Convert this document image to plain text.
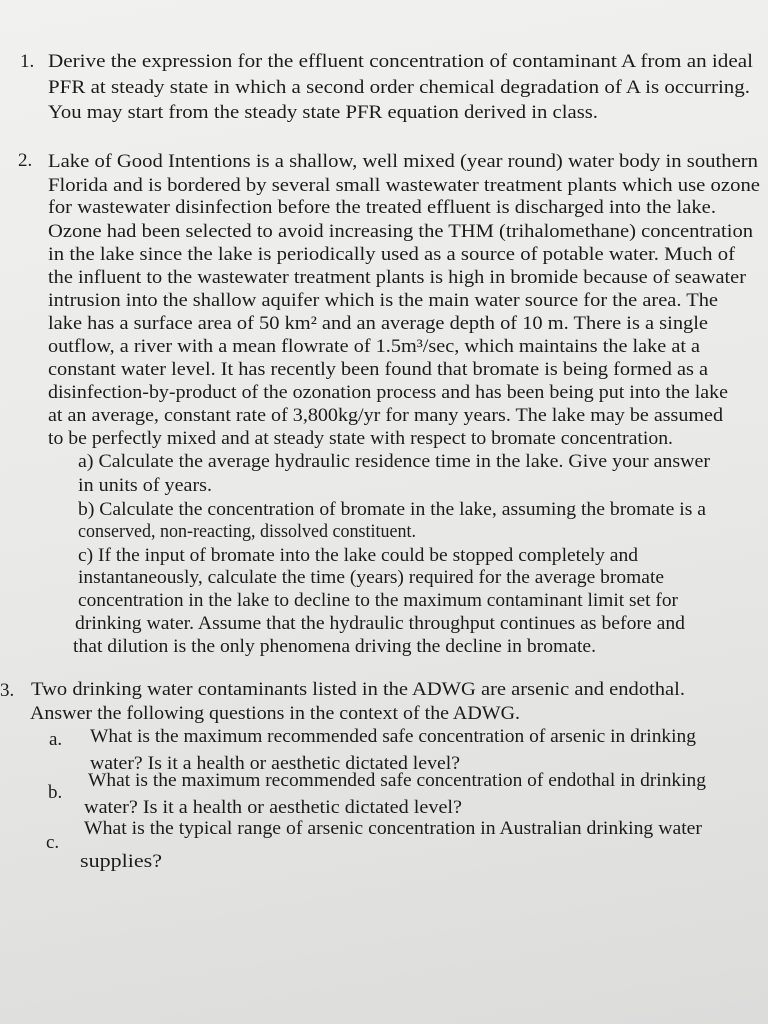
1. Derive the expression for the effluent concentration of contaminant A from an ideal
PFR at steady state in which a second order chemical degradation of A is occurring.
You may start from the steady state PFR equation derived in class.
2. Lake of Good Intentions is a shallow, well mixed (year round) water body in southern
Florida and is bordered by several small wastewater treatment plants which use ozone
for wastewater disinfection before the treated effluent is discharged into the lake.
Ozone had been selected to avoid increasing the THM (trihalomethane) concentration
in the lake since the lake is periodically used as a source of potable water. Much of
the influent to the wastewater treatment plants is high in bromide because of seawater
intrusion into the shallow aquifer which is the main water source for the area. The
lake has a surface area of 50 km² and an average depth of 10 m. There is a single
outflow, a river with a mean flowrate of 1.5m³/sec, which maintains the lake at a
constant water level. It has recently been found that bromate is being formed as a
disinfection-by-product of the ozonation process and has been being put into the lake
at an average, constant rate of 3,800kg/yr for many years. The lake may be assumed
to be perfectly mixed and at steady state with respect to bromate concentration.
a) Calculate the average hydraulic residence time in the lake. Give your answer
in units of years.
b) Calculate the concentration of bromate in the lake, assuming the bromate is a
conserved, non-reacting, dissolved constituent.
c) If the input of bromate into the lake could be stopped completely and
instantaneously, calculate the time (years) required for the average bromate
concentration in the lake to decline to the maximum contaminant limit set for
drinking water. Assume that the hydraulic throughput continues as before and
that dilution is the only phenomena driving the decline in bromate.
3. Two drinking water contaminants listed in the ADWG are arsenic and endothal.
Answer the following questions in the context of the ADWG.
a. What is the maximum recommended safe concentration of arsenic in drinking
water? Is it a health or aesthetic dictated level?
b.
What is the maximum recommended safe concentration of endothal in drinking
water? Is it a health or aesthetic dictated level?
c.
What is the typical range of arsenic concentration in Australian drinking water
supplies?
